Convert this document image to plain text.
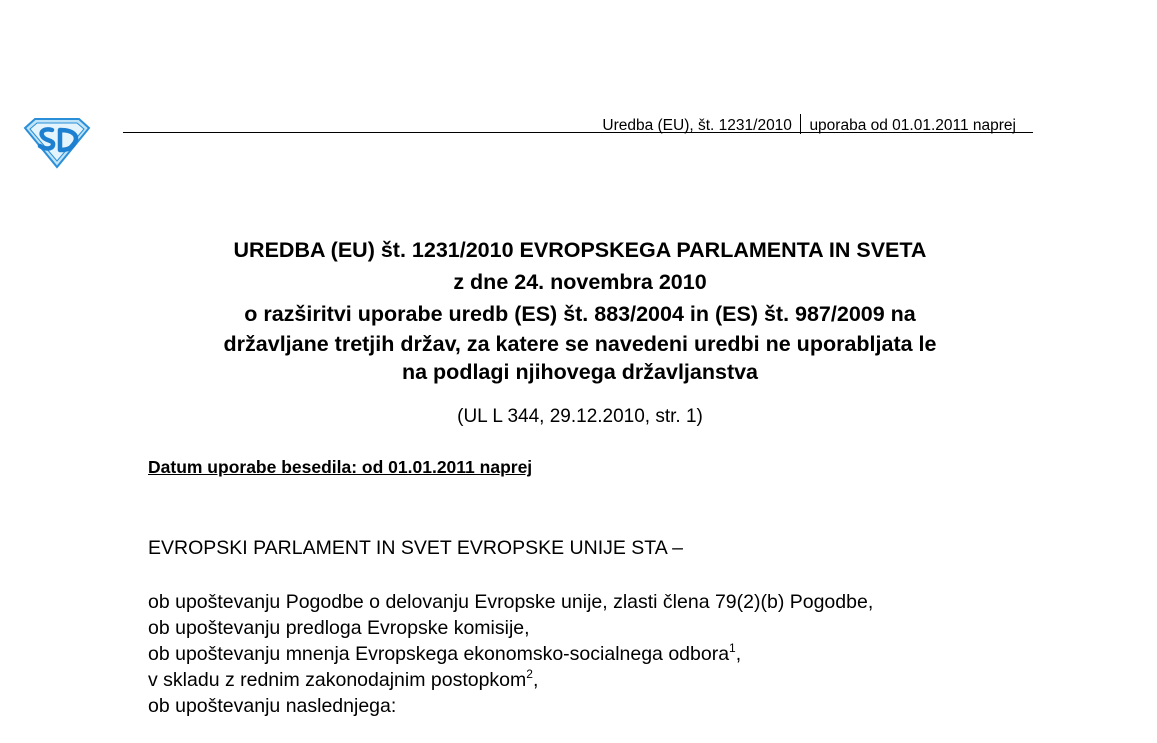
Uredba (EU), št. 1231/2010 uporaba od 01.01.2011 naprej
UREDBA (EU) št. 1231/2010 EVROPSKEGA PARLAMENTA IN SVETA
z dne 24. novembra 2010
o razširitvi uporabe uredb (ES) št. 883/2004 in (ES) št. 987/2009 na
državljane tretjih držav, za katere se navedeni uredbi ne uporabljata le
na podlagi njihovega državljanstva
(UL L 344, 29.12.2010, str. 1)
Datum uporabe besedila: od 01.01.2011 naprej
EVROPSKI PARLAMENT IN SVET EVROPSKE UNIJE STA –
ob upoštevanju Pogodbe o delovanju Evropske unije, zlasti člena 79(2)(b) Pogodbe,
ob upoštevanju predloga Evropske komisije,
ob upoštevanju mnenja Evropskega ekonomsko-socialnega odbora$^1$,
v skladu z rednim zakonodajnim postopkom$^2$,
ob upoštevanju naslednjega:
